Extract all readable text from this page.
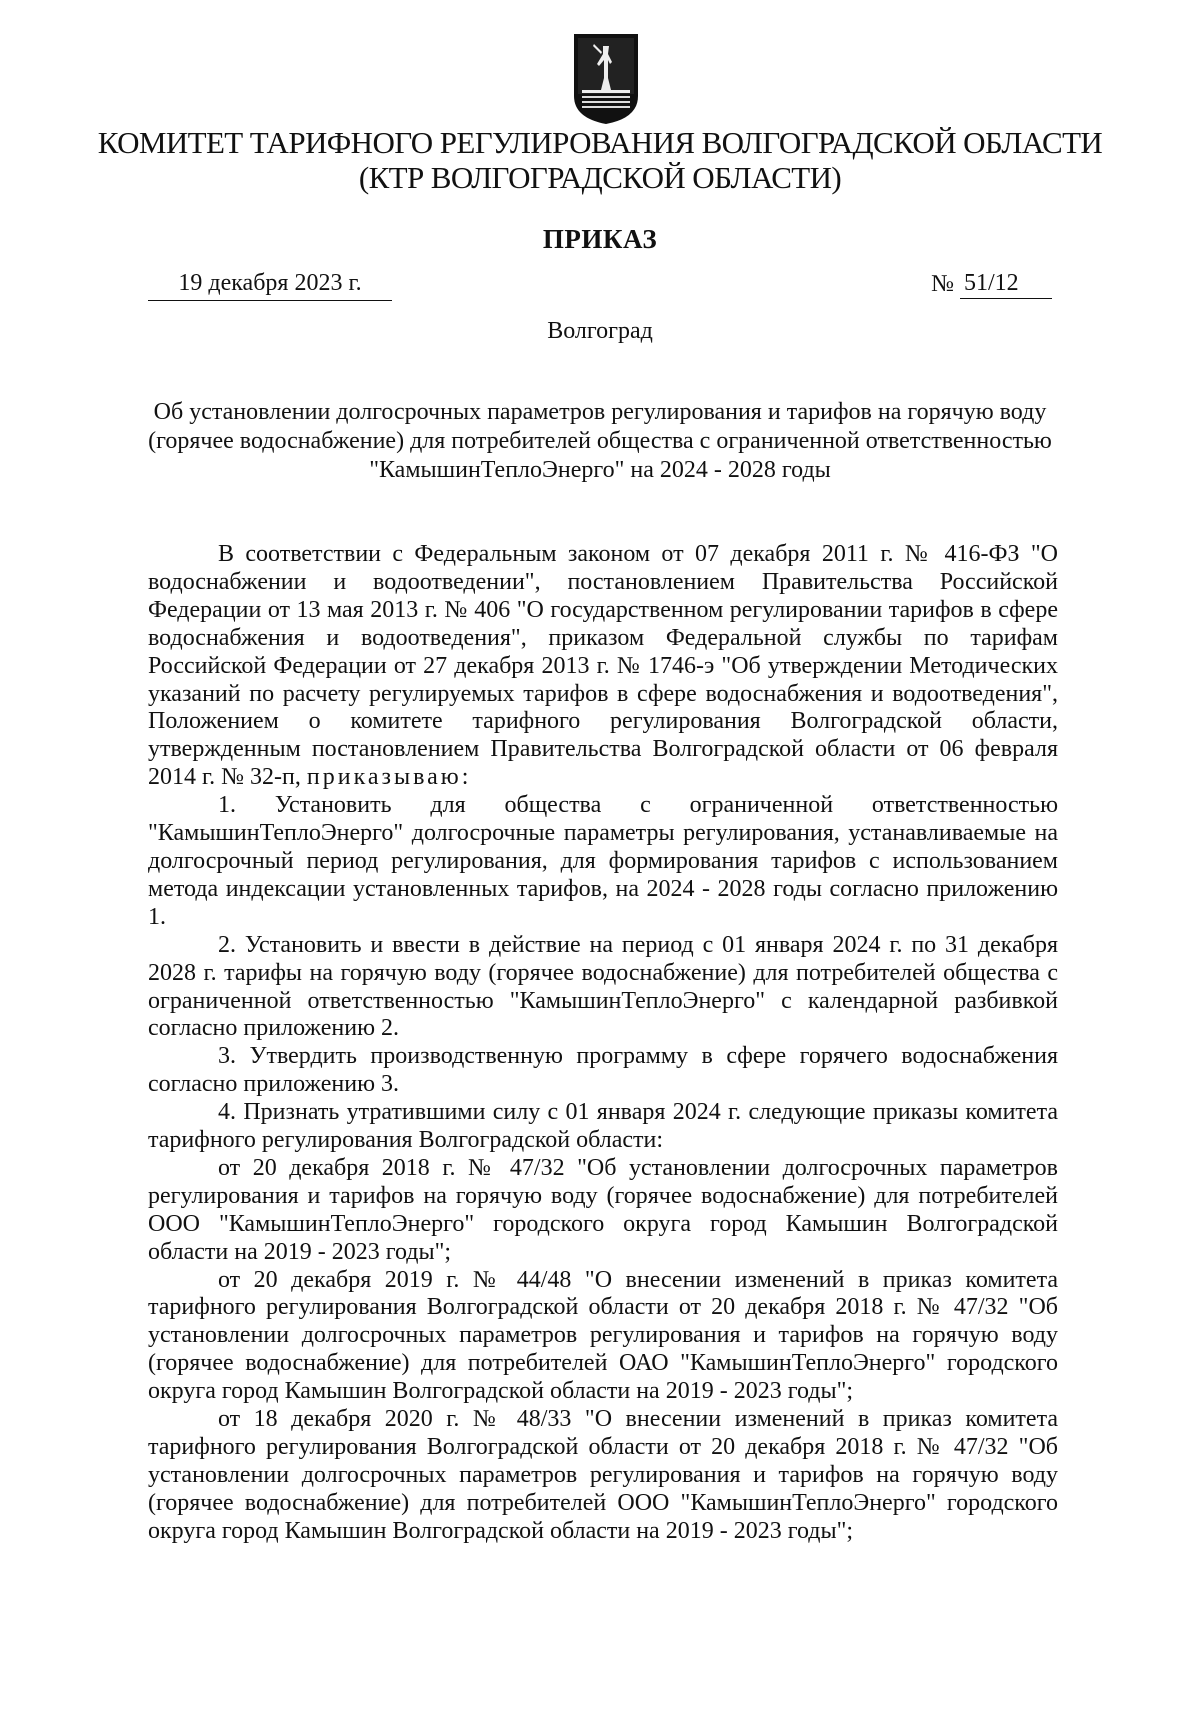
КОМИТЕТ ТАРИФНОГО РЕГУЛИРОВАНИЯ ВОЛГОГРАДСКОЙ ОБЛАСТИ
(КТР ВОЛГОГРАДСКОЙ ОБЛАСТИ)
ПРИКАЗ
19 декабря 2023 г.	№ 51/12
Волгоград
Об установлении долгосрочных параметров регулирования и тарифов на горячую воду
(горячее водоснабжение) для потребителей общества с ограниченной ответственностью
"КамышинТеплоЭнерго" на 2024 - 2028 годы

В соответствии с Федеральным законом от 07 декабря 2011 г. № 416-ФЗ "О водоснабжении и водоотведении", постановлением Правительства Российской Федерации от 13 мая 2013 г. № 406 "О государственном регулировании тарифов в сфере водоснабжения и водоотведения", приказом Федеральной службы по тарифам Российской Федерации от 27 декабря 2013 г. № 1746-э "Об утверждении Методических указаний по расчету регулируемых тарифов в сфере водоснабжения и водоотведения", Положением о комитете тарифного регулирования Волгоградской области, утвержденным постановлением Правительства Волгоградской области от 06 февраля 2014 г. № 32-п, приказываю:

1. Установить для общества с ограниченной ответственностью "КамышинТеплоЭнерго" долгосрочные параметры регулирования, устанавливаемые на долгосрочный период регулирования, для формирования тарифов с использованием метода индексации установленных тарифов, на 2024 - 2028 годы согласно приложению 1.

2. Установить и ввести в действие на период с 01 января 2024 г. по 31 декабря 2028 г. тарифы на горячую воду (горячее водоснабжение) для потребителей общества с ограниченной ответственностью "КамышинТеплоЭнерго" с календарной разбивкой согласно приложению 2.

3. Утвердить производственную программу в сфере горячего водоснабжения согласно приложению 3.

4. Признать утратившими силу с 01 января 2024 г. следующие приказы комитета тарифного регулирования Волгоградской области:

от 20 декабря 2018 г. № 47/32 "Об установлении долгосрочных параметров регулирования и тарифов на горячую воду (горячее водоснабжение) для потребителей ООО "КамышинТеплоЭнерго" городского округа город Камышин Волгоградской области на 2019 - 2023 годы";

от 20 декабря 2019 г. № 44/48 "О внесении изменений в приказ комитета тарифного регулирования Волгоградской области от 20 декабря 2018 г. № 47/32 "Об установлении долгосрочных параметров регулирования и тарифов на горячую воду (горячее водоснабжение) для потребителей ОАО "КамышинТеплоЭнерго" городского округа город Камышин Волгоградской области на 2019 - 2023 годы";

от 18 декабря 2020 г. № 48/33 "О внесении изменений в приказ комитета тарифного регулирования Волгоградской области от 20 декабря 2018 г. № 47/32 "Об установлении долгосрочных параметров регулирования и тарифов на горячую воду (горячее водоснабжение) для потребителей ООО "КамышинТеплоЭнерго" городского округа город Камышин Волгоградской области на 2019 - 2023 годы";
